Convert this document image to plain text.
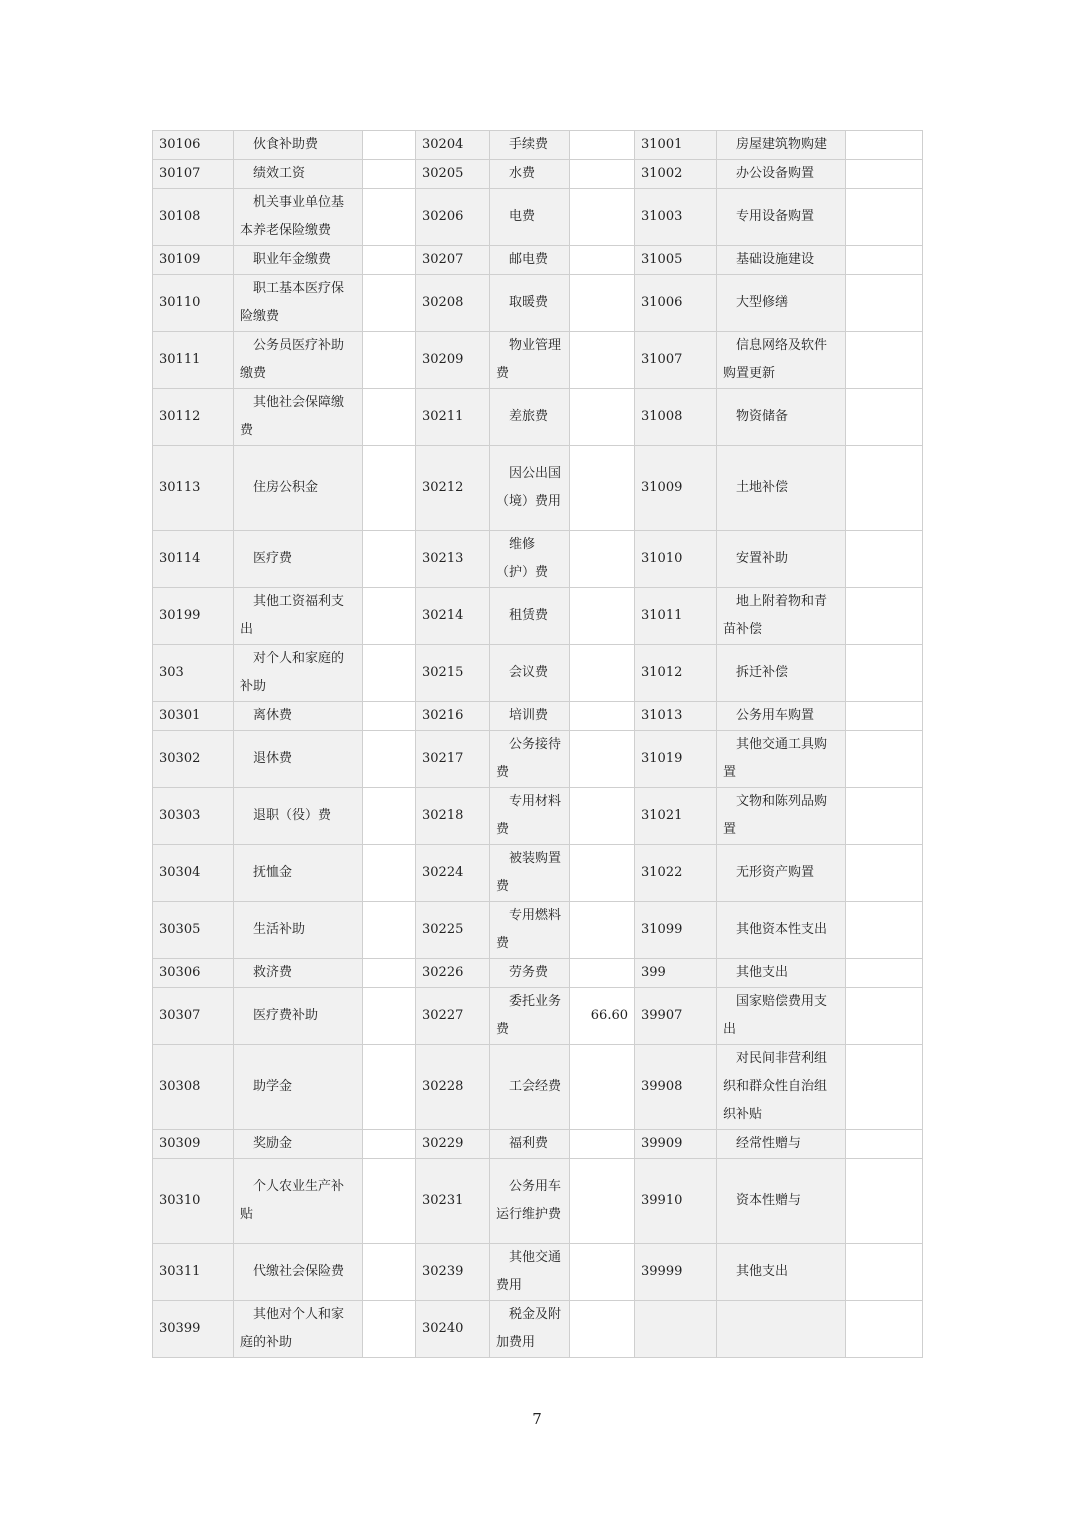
30106	伙食补助费		30204	手续费		31001	房屋建筑物购建	
30107	绩效工资		30205	水费		31002	办公设备购置	
30108	机关事业单位基本养老保险缴费		30206	电费		31003	专用设备购置	
30109	职业年金缴费		30207	邮电费		31005	基础设施建设	
30110	职工基本医疗保险缴费		30208	取暖费		31006	大型修缮	
30111	公务员医疗补助缴费		30209	物业管理费		31007	信息网络及软件购置更新	
30112	其他社会保障缴费		30211	差旅费		31008	物资储备	
30113	住房公积金		30212	因公出国（境）费用		31009	土地补偿	
30114	医疗费		30213	维修（护）费		31010	安置补助	
30199	其他工资福利支出		30214	租赁费		31011	地上附着物和青苗补偿	
303	对个人和家庭的补助		30215	会议费		31012	拆迁补偿	
30301	离休费		30216	培训费		31013	公务用车购置	
30302	退休费		30217	公务接待费		31019	其他交通工具购置	
30303	退职（役）费		30218	专用材料费		31021	文物和陈列品购置	
30304	抚恤金		30224	被装购置费		31022	无形资产购置	
30305	生活补助		30225	专用燃料费		31099	其他资本性支出	
30306	救济费		30226	劳务费		399	其他支出	
30307	医疗费补助		30227	委托业务费	66.60	39907	国家赔偿费用支出	
30308	助学金		30228	工会经费		39908	对民间非营利组织和群众性自治组织补贴	
30309	奖励金		30229	福利费		39909	经常性赠与	
30310	个人农业生产补贴		30231	公务用车运行维护费		39910	资本性赠与	
30311	代缴社会保险费		30239	其他交通费用		39999	其他支出	
30399	其他对个人和家庭的补助		30240	税金及附加费用				
7
